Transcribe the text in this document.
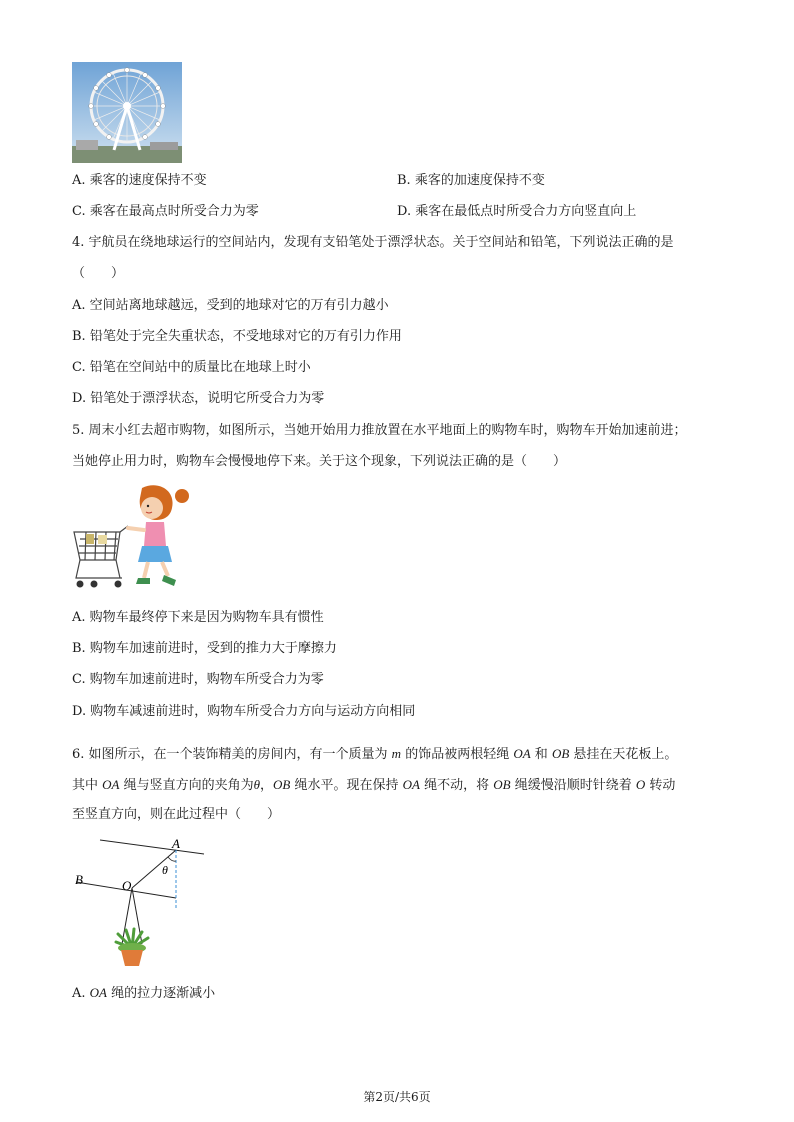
A. 乘客的速度保持不变	B. 乘客的加速度保持不变
C. 乘客在最高点时所受合力为零	D. 乘客在最低点时所受合力方向竖直向上
4. 宇航员在绕地球运行的空间站内，发现有支铅笔处于漂浮状态。关于空间站和铅笔，下列说法正确的是
（　　）
A. 空间站离地球越远，受到的地球对它的万有引力越小
B. 铅笔处于完全失重状态，不受地球对它的万有引力作用
C. 铅笔在空间站中的质量比在地球上时小
D. 铅笔处于漂浮状态，说明它所受合力为零
5. 周末小红去超市购物，如图所示，当她开始用力推放置在水平地面上的购物车时，购物车开始加速前进；
当她停止用力时，购物车会慢慢地停下来。关于这个现象，下列说法正确的是（　　）
A. 购物车最终停下来是因为购物车具有惯性
B. 购物车加速前进时，受到的推力大于摩擦力
C. 购物车加速前进时，购物车所受合力为零
D. 购物车减速前进时，购物车所受合力方向与运动方向相同
6. 如图所示，在一个装饰精美的房间内，有一个质量为 m 的饰品被两根轻绳 OA 和 OB 悬挂在天花板上。
其中 OA 绳与竖直方向的夹角为θ，OB 绳水平。现在保持 OA 绳不动，将 OB 绳缓慢沿顺时针绕着 O 转动
至竖直方向，则在此过程中（　　）
A
B	O
θ
A. OA 绳的拉力逐渐减小
第2页/共6页
